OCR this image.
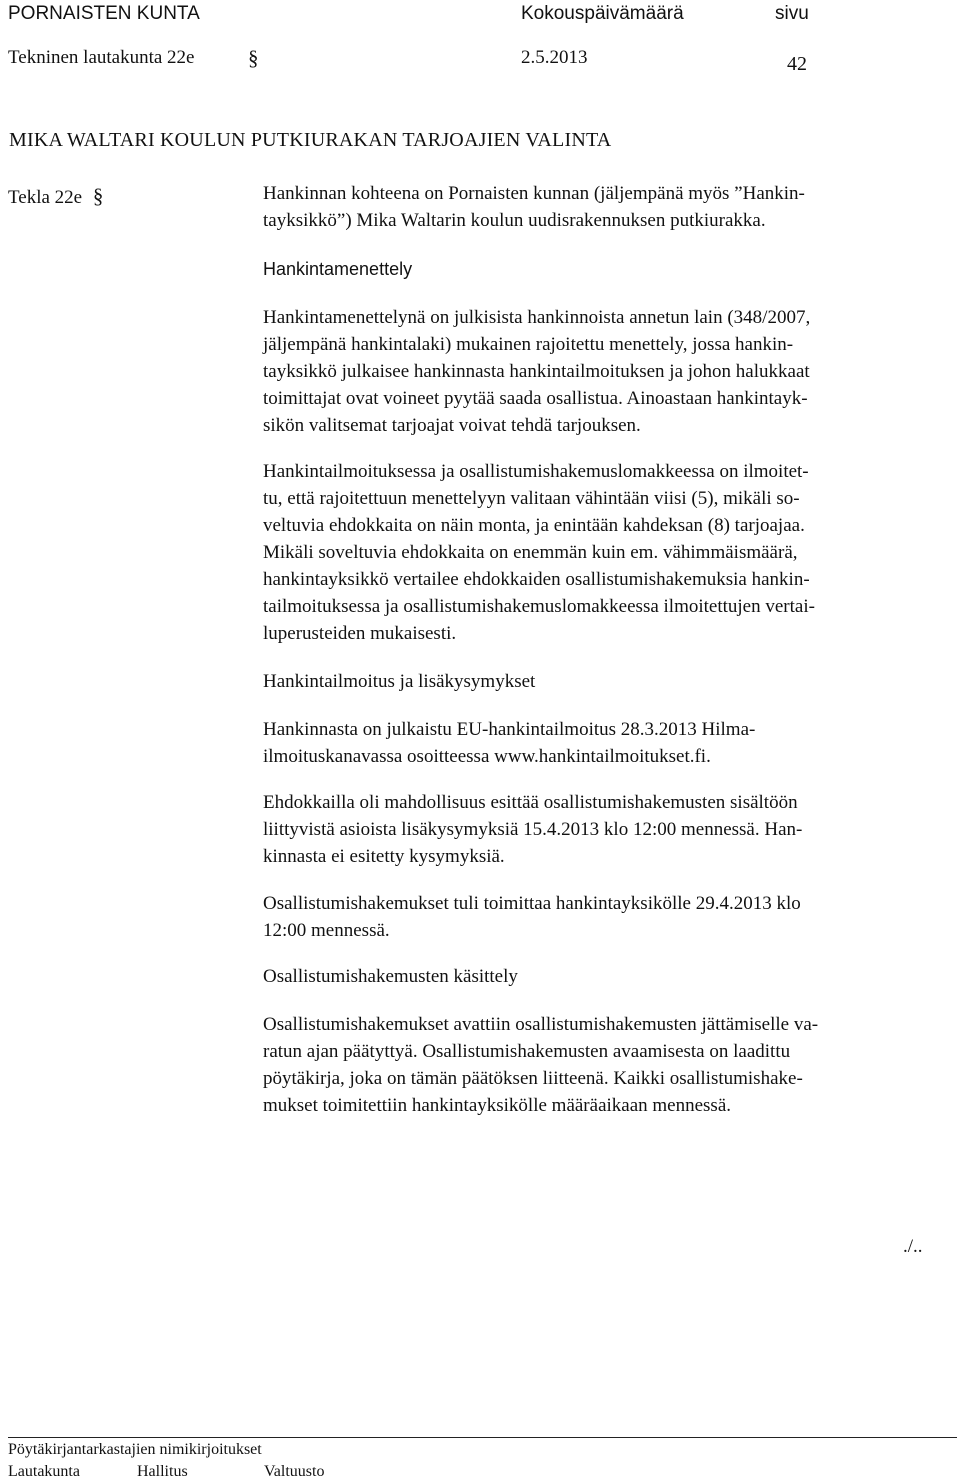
PORNAISTEN KUNTA	Kokouspäivämäärä	sivu
Tekninen lautakunta 22e	§	2.5.2013	42
MIKA WALTARI KOULUN PUTKIURAKAN TARJOAJIEN VALINTA
Tekla 22e §	Hankinnan kohteena on Pornaisten kunnan (jäljempänä myös ”Hankin-
tayksikkö”) Mika Waltarin koulun uudisrakennuksen putkiurakka.
Hankintamenettely
Hankintamenettelynä on julkisista hankinnoista annetun lain (348/2007,
jäljempänä hankintalaki) mukainen rajoitettu menettely, jossa hankin-
tayksikkö julkaisee hankinnasta hankintailmoituksen ja johon halukkaat
toimittajat ovat voineet pyytää saada osallistua. Ainoastaan hankintayk-
sikön valitsemat tarjoajat voivat tehdä tarjouksen.
Hankintailmoituksessa ja osallistumishakemuslomakkeessa on ilmoitet-
tu, että rajoitettuun menettelyyn valitaan vähintään viisi (5), mikäli so-
veltuvia ehdokkaita on näin monta, ja enintään kahdeksan (8) tarjoajaa.
Mikäli soveltuvia ehdokkaita on enemmän kuin em. vähimmäismäärä,
hankintayksikkö vertailee ehdokkaiden osallistumishakemuksia hankin-
tailmoituksessa ja osallistumishakemuslomakkeessa ilmoitettujen vertai-
luperusteiden mukaisesti.
Hankintailmoitus ja lisäkysymykset
Hankinnasta on julkaistu EU-hankintailmoitus 28.3.2013 Hilma-
ilmoituskanavassa osoitteessa www.hankintailmoitukset.fi.
Ehdokkailla oli mahdollisuus esittää osallistumishakemusten sisältöön
liittyvistä asioista lisäkysymyksiä 15.4.2013 klo 12:00 mennessä. Han-
kinnasta ei esitetty kysymyksiä.
Osallistumishakemukset tuli toimittaa hankintayksikölle 29.4.2013 klo
12:00 mennessä.
Osallistumishakemusten käsittely
Osallistumishakemukset avattiin osallistumishakemusten jättämiselle va-
ratun ajan päätyttyä. Osallistumishakemusten avaamisesta on laadittu
pöytäkirja, joka on tämän päätöksen liitteenä. Kaikki osallistumishake-
mukset toimitettiin hankintayksikölle määräaikaan mennessä.
./..
Pöytäkirjantarkastajien nimikirjoitukset
Lautakunta	Hallitus	Valtuusto
